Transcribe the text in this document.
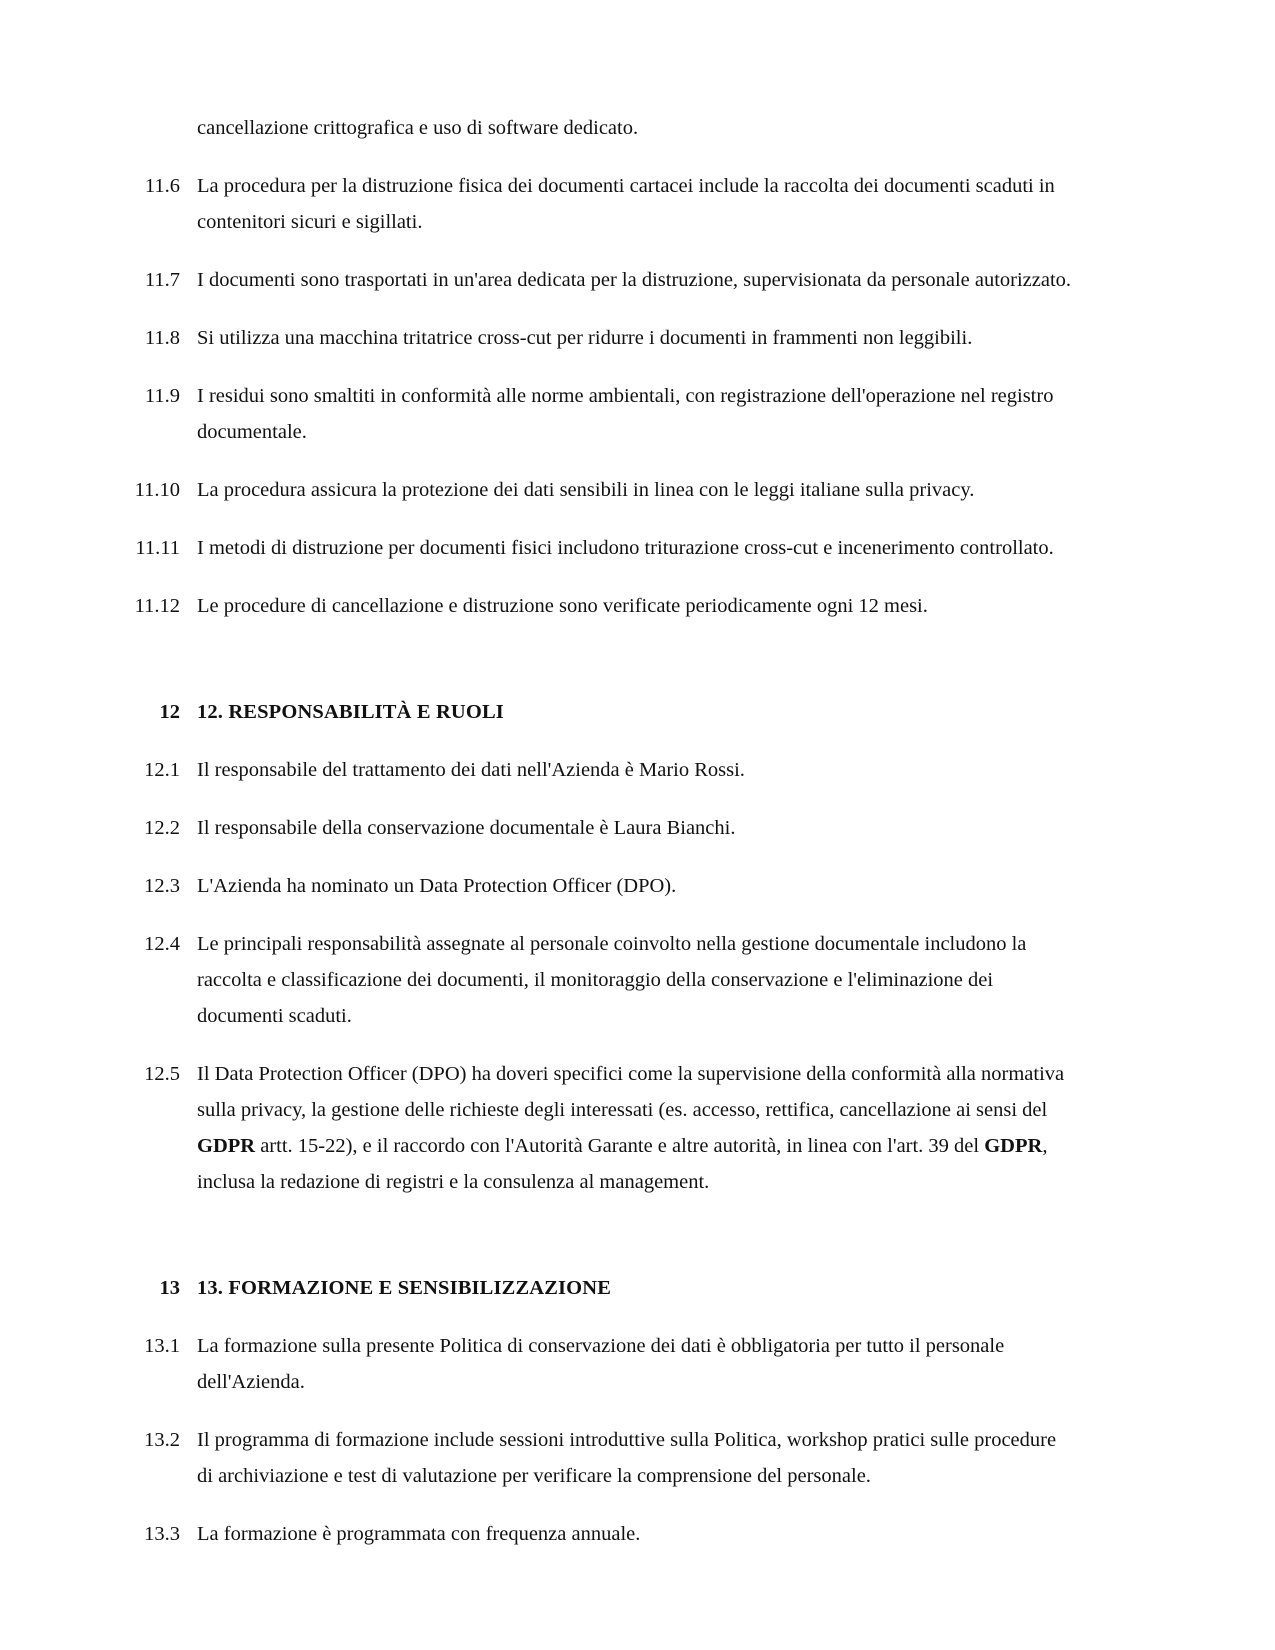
cancellazione crittografica e uso di software dedicato.

11.6 La procedura per la distruzione fisica dei documenti cartacei include la raccolta dei documenti scaduti in contenitori sicuri e sigillati.
11.7 I documenti sono trasportati in un'area dedicata per la distruzione, supervisionata da personale autorizzato.
11.8 Si utilizza una macchina tritatrice cross-cut per ridurre i documenti in frammenti non leggibili.
11.9 I residui sono smaltiti in conformità alle norme ambientali, con registrazione dell'operazione nel registro documentale.
11.10 La procedura assicura la protezione dei dati sensibili in linea con le leggi italiane sulla privacy.
11.11 I metodi di distruzione per documenti fisici includono triturazione cross-cut e incenerimento controllato.
11.12 Le procedure di cancellazione e distruzione sono verificate periodicamente ogni 12 mesi.
12 12. RESPONSABILITÀ E RUOLI
12.1 Il responsabile del trattamento dei dati nell'Azienda è Mario Rossi.
12.2 Il responsabile della conservazione documentale è Laura Bianchi.
12.3 L'Azienda ha nominato un Data Protection Officer (DPO).
12.4 Le principali responsabilità assegnate al personale coinvolto nella gestione documentale includono la raccolta e classificazione dei documenti, il monitoraggio della conservazione e l'eliminazione dei documenti scaduti.
12.5 Il Data Protection Officer (DPO) ha doveri specifici come la supervisione della conformità alla normativa sulla privacy, la gestione delle richieste degli interessati (es. accesso, rettifica, cancellazione ai sensi del GDPR artt. 15-22), e il raccordo con l'Autorità Garante e altre autorità, in linea con l'art. 39 del GDPR, inclusa la redazione di registri e la consulenza al management.
13 13. FORMAZIONE E SENSIBILIZZAZIONE
13.1 La formazione sulla presente Politica di conservazione dei dati è obbligatoria per tutto il personale dell'Azienda.
13.2 Il programma di formazione include sessioni introduttive sulla Politica, workshop pratici sulle procedure di archiviazione e test di valutazione per verificare la comprensione del personale.
13.3 La formazione è programmata con frequenza annuale.
